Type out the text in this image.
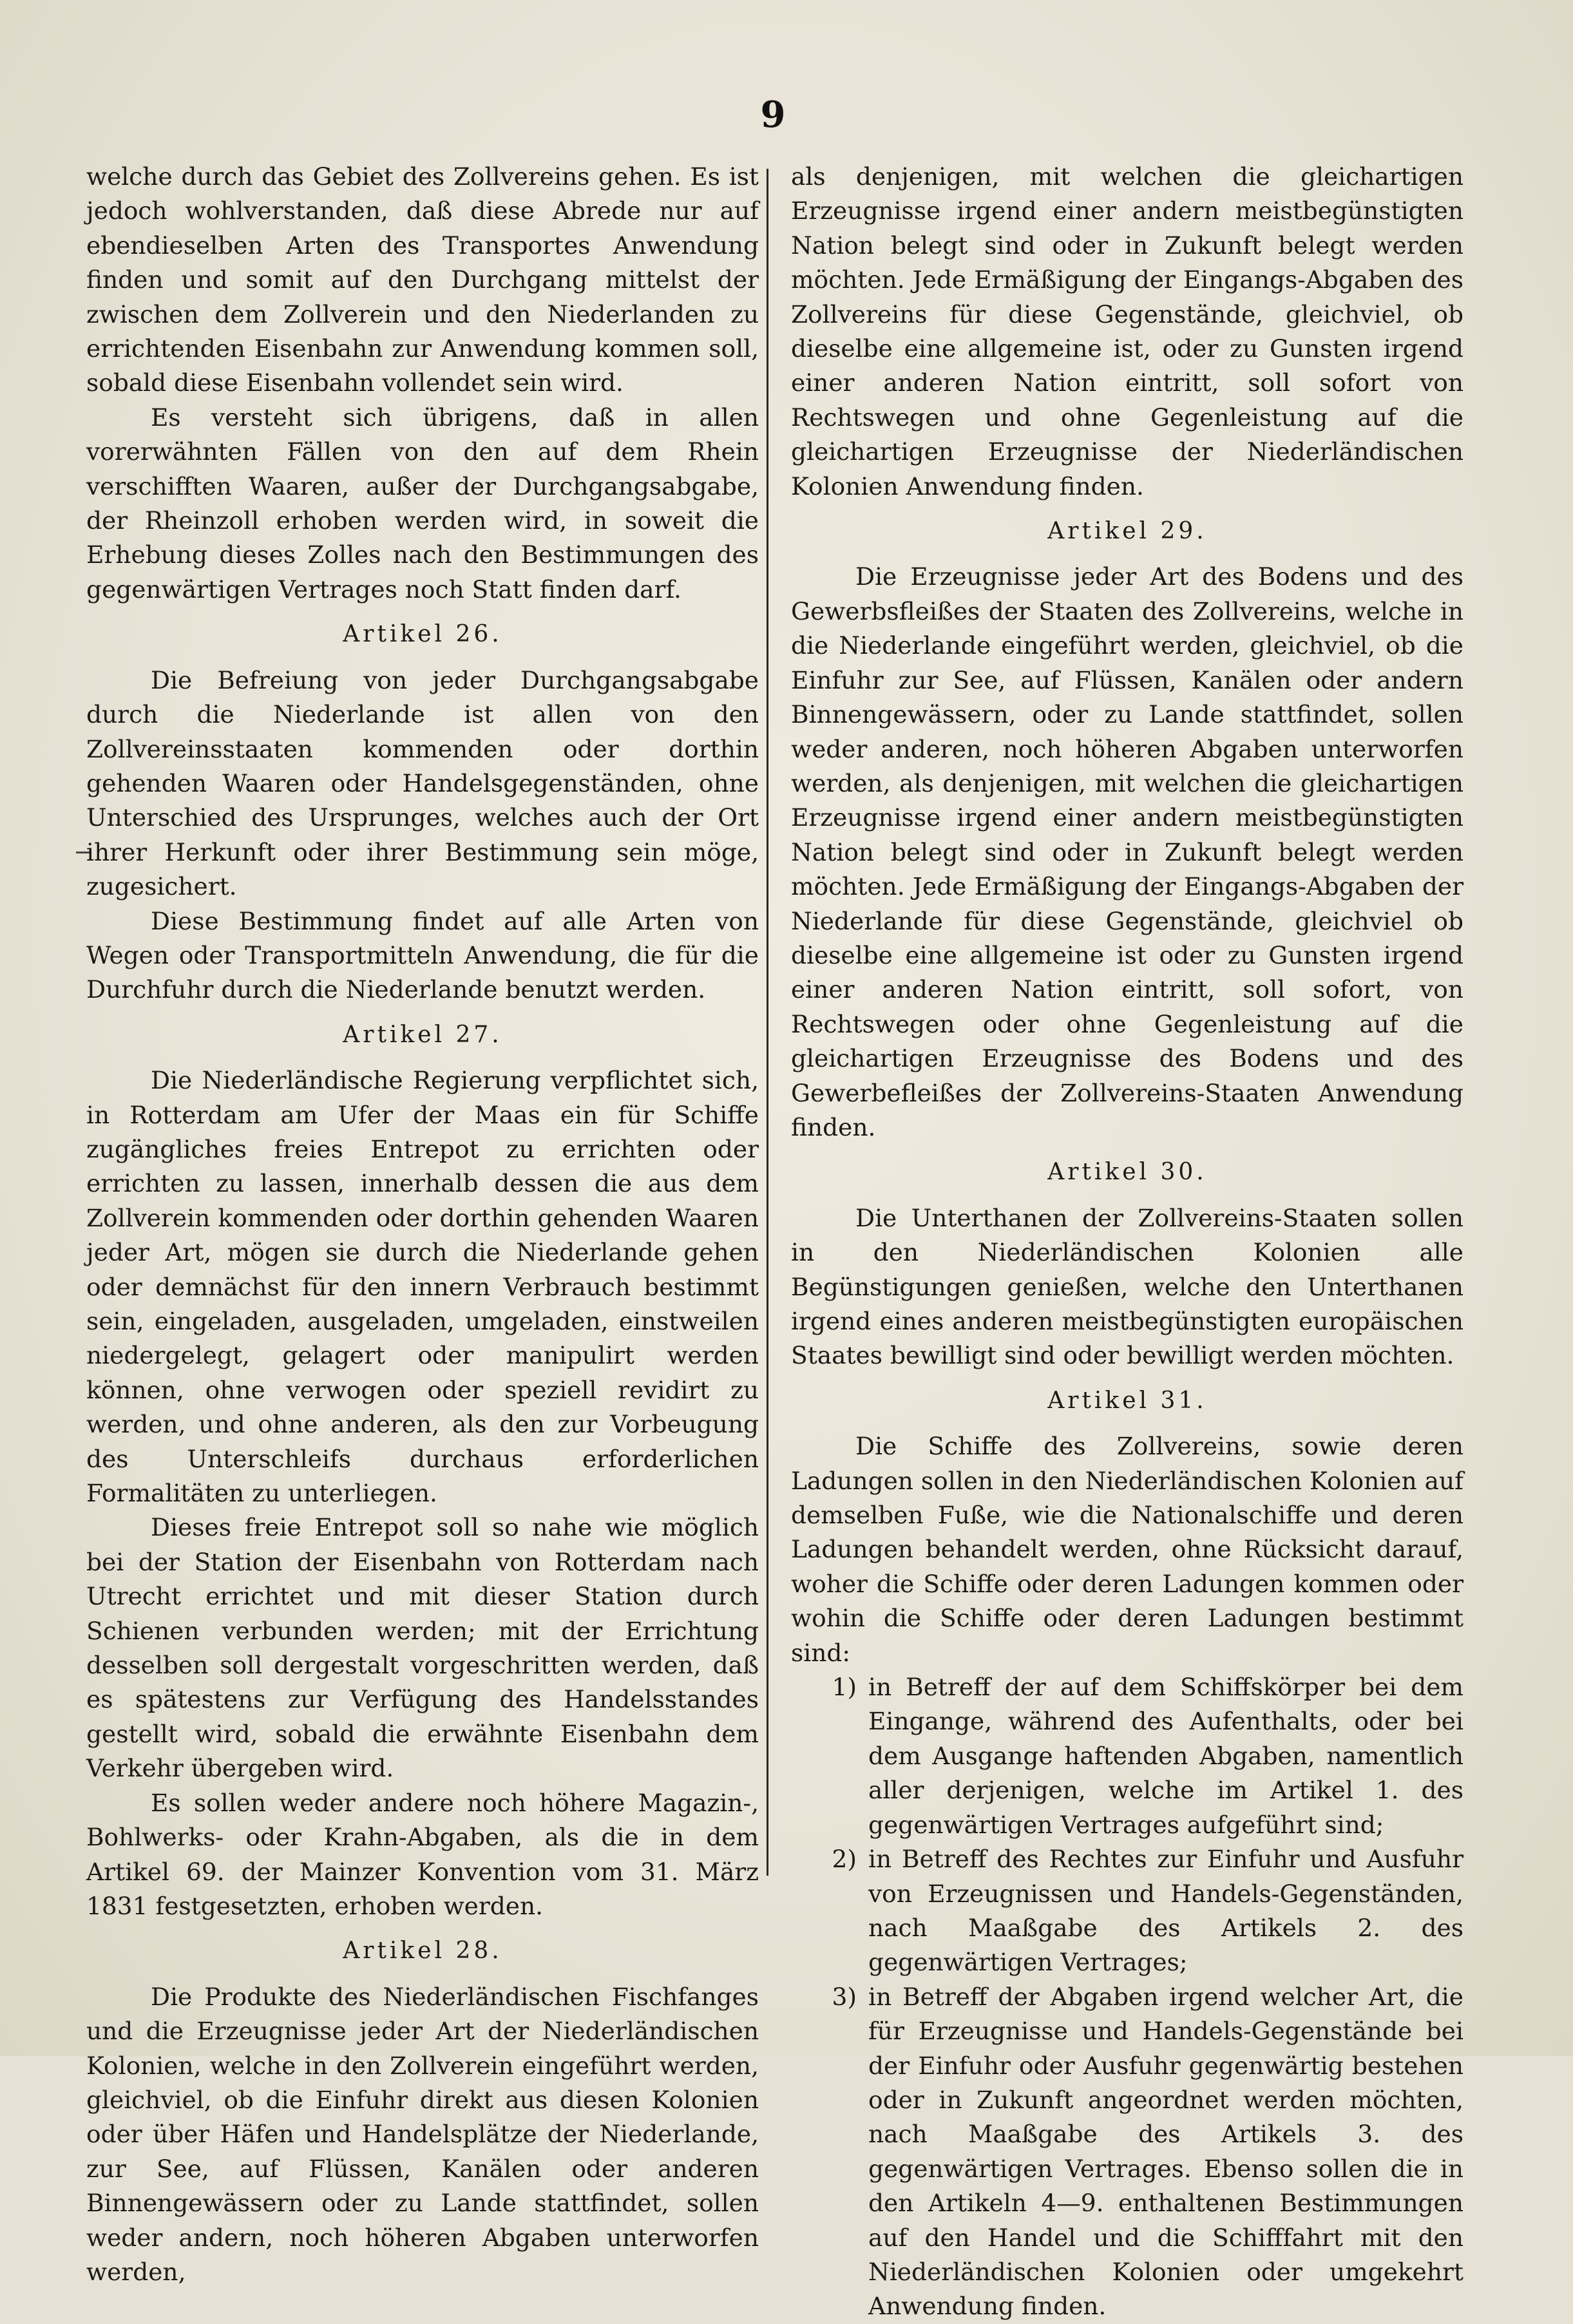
9

welche durch das Gebiet des Zollvereins gehen. Es ist jedoch wohlverstanden, daß diese Abrede nur auf ebendieselben Arten des Transportes Anwendung finden und somit auf den Durchgang mittelst der zwischen dem Zollverein und den Niederlanden zu errichtenden Eisenbahn zur Anwendung kommen soll, sobald diese Eisenbahn vollendet sein wird.

Es versteht sich übrigens, daß in allen vorerwähnten Fällen von den auf dem Rhein verschifften Waaren, außer der Durchgangsabgabe, der Rheinzoll erhoben werden wird, in soweit die Erhebung dieses Zolles nach den Bestimmungen des gegenwärtigen Vertrages noch Statt finden darf.

Artikel 26.

Die Befreiung von jeder Durchgangsabgabe durch die Niederlande ist allen von den Zollvereinsstaaten kommenden oder dorthin gehenden Waaren oder Handelsgegenständen, ohne Unterschied des Ursprunges, welches auch der Ort ihrer Herkunft oder ihrer Bestimmung sein möge, zugesichert.

Diese Bestimmung findet auf alle Arten von Wegen oder Transportmitteln Anwendung, die für die Durchfuhr durch die Niederlande benutzt werden.

Artikel 27.

Die Niederländische Regierung verpflichtet sich, in Rotterdam am Ufer der Maas ein für Schiffe zugängliches freies Entrepot zu errichten oder errichten zu lassen, innerhalb dessen die aus dem Zollverein kommenden oder dorthin gehenden Waaren jeder Art, mögen sie durch die Niederlande gehen oder demnächst für den innern Verbrauch bestimmt sein, eingeladen, ausgeladen, umgeladen, einstweilen niedergelegt, gelagert oder manipulirt werden können, ohne verwogen oder speziell revidirt zu werden, und ohne anderen, als den zur Vorbeugung des Unterschleifs durchaus erforderlichen Formalitäten zu unterliegen.

Dieses freie Entrepot soll so nahe wie möglich bei der Station der Eisenbahn von Rotterdam nach Utrecht errichtet und mit dieser Station durch Schienen verbunden werden; mit der Errichtung desselben soll dergestalt vorgeschritten werden, daß es spätestens zur Verfügung des Handelsstandes gestellt wird, sobald die erwähnte Eisenbahn dem Verkehr übergeben wird.

Es sollen weder andere noch höhere Magazin-, Bohlwerks- oder Krahn-Abgaben, als die in dem Artikel 69. der Mainzer Konvention vom 31. März 1831 festgesetzten, erhoben werden.

Artikel 28.

Die Produkte des Niederländischen Fischfanges und die Erzeugnisse jeder Art der Niederländischen Kolonien, welche in den Zollverein eingeführt werden, gleichviel, ob die Einfuhr direkt aus diesen Kolonien oder über Häfen und Handelsplätze der Niederlande, zur See, auf Flüssen, Kanälen oder anderen Binnengewässern oder zu Lande stattfindet, sollen weder andern, noch höheren Abgaben unterworfen werden,

als denjenigen, mit welchen die gleichartigen Erzeugnisse irgend einer andern meistbegünstigten Nation belegt sind oder in Zukunft belegt werden möchten. Jede Ermäßigung der Eingangs-Abgaben des Zollvereins für diese Gegenstände, gleichviel, ob dieselbe eine allgemeine ist, oder zu Gunsten irgend einer anderen Nation eintritt, soll sofort von Rechtswegen und ohne Gegenleistung auf die gleichartigen Erzeugnisse der Niederländischen Kolonien Anwendung finden.

Artikel 29.

Die Erzeugnisse jeder Art des Bodens und des Gewerbsfleißes der Staaten des Zollvereins, welche in die Niederlande eingeführt werden, gleichviel, ob die Einfuhr zur See, auf Flüssen, Kanälen oder andern Binnengewässern, oder zu Lande stattfindet, sollen weder anderen, noch höheren Abgaben unterworfen werden, als denjenigen, mit welchen die gleichartigen Erzeugnisse irgend einer andern meistbegünstigten Nation belegt sind oder in Zukunft belegt werden möchten. Jede Ermäßigung der Eingangs-Abgaben der Niederlande für diese Gegenstände, gleichviel ob dieselbe eine allgemeine ist oder zu Gunsten irgend einer anderen Nation eintritt, soll sofort, von Rechtswegen oder ohne Gegenleistung auf die gleichartigen Erzeugnisse des Bodens und des Gewerbefleißes der Zollvereins-Staaten Anwendung finden.

Artikel 30.

Die Unterthanen der Zollvereins-Staaten sollen in den Niederländischen Kolonien alle Begünstigungen genießen, welche den Unterthanen irgend eines anderen meistbegünstigten europäischen Staates bewilligt sind oder bewilligt werden möchten.

Artikel 31.

Die Schiffe des Zollvereins, sowie deren Ladungen sollen in den Niederländischen Kolonien auf demselben Fuße, wie die Nationalschiffe und deren Ladungen behandelt werden, ohne Rücksicht darauf, woher die Schiffe oder deren Ladungen kommen oder wohin die Schiffe oder deren Ladungen bestimmt sind:

1) in Betreff der auf dem Schiffskörper bei dem Eingange, während des Aufenthalts, oder bei dem Ausgange haftenden Abgaben, namentlich aller derjenigen, welche im Artikel 1. des gegenwärtigen Vertrages aufgeführt sind;
2) in Betreff des Rechtes zur Einfuhr und Ausfuhr von Erzeugnissen und Handels-Gegenständen, nach Maaßgabe des Artikels 2. des gegenwärtigen Vertrages;
3) in Betreff der Abgaben irgend welcher Art, die für Erzeugnisse und Handels-Gegenstände bei der Einfuhr oder Ausfuhr gegenwärtig bestehen oder in Zukunft angeordnet werden möchten, nach Maaßgabe des Artikels 3. des gegenwärtigen Vertrages. Ebenso sollen die in den Artikeln 4—9. enthaltenen Bestimmungen auf den Handel und die Schifffahrt mit den Niederländischen Kolonien oder umgekehrt Anwendung finden.
